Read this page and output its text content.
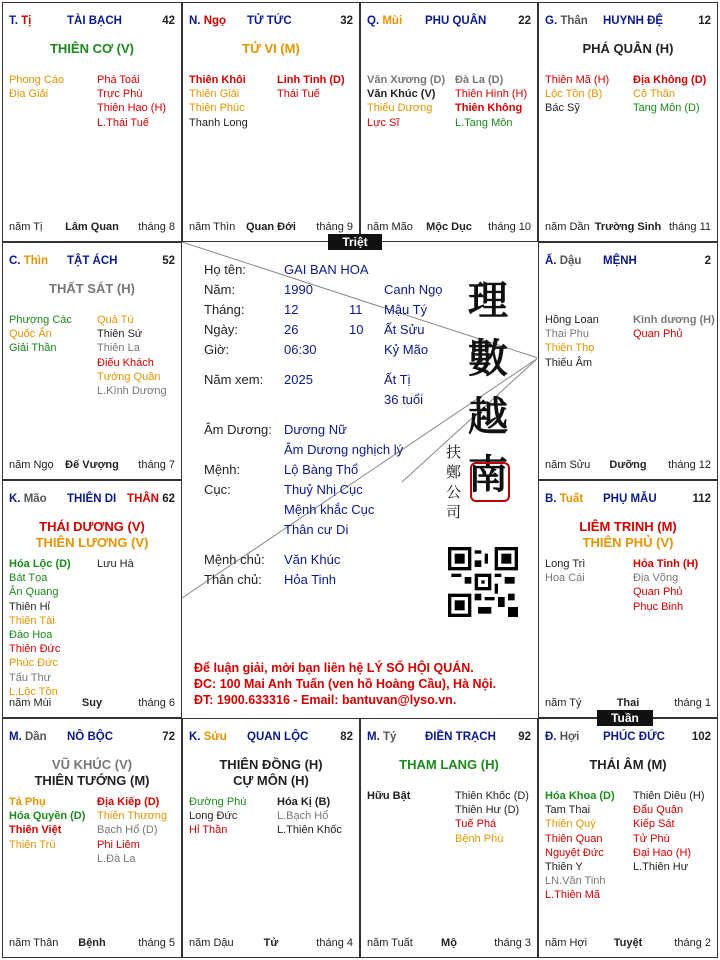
T. Tị	TÀI BẠCH	42
THIÊN CƠ (V)
Phong Cáo
Địa Giải
Phá Toái
Trực Phù
Thiên Hao (H)
L.Thái Tuế
năm Tị	Lâm Quan	tháng 8
N. Ngọ TỬ TỨC	32
TỬ VI (M)
Thiên Khôi
Thiên Giải
Thiên Phúc
Thanh Long
Linh Tinh (D)
Thái Tuế
năm Thìn Quan Đới	tháng 9
Q. Mùi PHU QUÂN	22
Văn Xương (D)
Văn Khúc (V)
Thiếu Dương
Lực Sĩ
Đà La (D)
Thiên Hình (H)
Thiên Không
L.Tang Môn
năm Mão	Mộc Dục	tháng 10
G. Thân HUYNH ĐỆ	12
PHÁ QUÂN (H)
Thiên Mã (H)
Lộc Tồn (B)
Bác Sỹ
Địa Không (D)
Cô Thần
Tang Môn (D)
năm Dần Trường Sinh tháng 11
C. Thìn TẬT ÁCH	52
THẤT SÁT (H)
Phượng Các
Quốc Ấn
Giải Thần
Quả Tú
Thiên Sứ
Thiên La
Điếu Khách
Tướng Quân
L.Kình Dương
năm Ngọ	Đế Vượng	tháng 7
Ấ. Dậu MỆNH	2
Hồng Loan
Thai Phụ
Thiên Thọ
Thiếu Âm
Kình dương (H)
Quan Phủ
năm Sửu	Dưỡng	tháng 12
K. Mão THIÊN DI THÂN 62
THÁI DƯƠNG (V)
THIÊN LƯƠNG (V)
Hóa Lộc (D)
Bát Tọa
Ân Quang
Thiên Hỉ
Thiên Tài
Đào Hoa
Thiên Đức
Phúc Đức
Tấu Thư
L.Lộc Tồn
Lưu Hà
năm Mùi	Suy	tháng 6
B. Tuất PHỤ MẪU	112
LIÊM TRINH (M)
THIÊN PHỦ (V)
Long Trì
Hoa Cái
Hỏa Tinh (H)
Địa Võng
Quan Phủ
Phục Binh
năm Tý	Thai	tháng 1
M. Dần NÔ BỘC	72
VŨ KHÚC (V)
THIÊN TƯỚNG (M)
Tả Phụ
Hóa Quyền (D)
Thiên Việt
Thiên Trù
Địa Kiếp (D)
Thiên Thương
Bạch Hổ (D)
Phi Liêm
L.Đà La
năm Thân	Bệnh	tháng 5
K. Sửu QUAN LỘC	82
THIÊN ĐỒNG (H)
CỰ MÔN (H)
Đường Phù
Long Đức
Hỉ Thần
Hóa Kị (B)
L.Bạch Hổ
L.Thiên Khốc
năm Dậu	Tử	tháng 4
M. Tý ĐIỀN TRẠCH 92
THAM LANG (H)
Hữu Bật	Thiên Khốc (D)
Thiên Hư (D)
Tuế Phá
Bệnh Phù
năm Tuất	Mộ	tháng 3
Đ. Hợi PHÚC ĐỨC 102
THÁI ÂM (M)
Hóa Khoa (D)
Tam Thai
Thiên Quý
Thiên Quan
Nguyệt Đức
Thiên Y
LN.Văn Tinh
L.Thiên Mã
Thiên Diêu (H)
Đẩu Quân
Kiếp Sát
Tử Phù
Đại Hao (H)
L.Thiên Hư
năm Hợi	Tuyệt	tháng 2
Họ tên:	GAI BAN HOA
Năm:	1990	Canh Ngọ
Tháng:	12	11 Mậu Tý
Ngày:	26	10 Ất Sửu
Giờ:	06:30	Kỷ Mão
Năm xem: 2025	Ất Tị
36 tuổi
Âm Dương: Dương Nữ
Âm Dương nghịch lý
Mệnh:	Lộ Bàng Thổ
Cục:	Thuỷ Nhị Cục
Mệnh khắc Cục
Thân cư Di
Mệnh chủ: Văn Khúc
Thân chủ: Hỏa Tinh
理
數
越
南
扶
鄭
公
司
Để luận giải, mời bạn liên hệ LÝ SỐ HỘI QUÁN.
ĐC: 100 Mai Anh Tuấn (ven hồ Hoàng Cầu), Hà Nội.
ĐT: 1900.633316 - Email: bantuvan@lyso.vn.
Triệt
Tuần
